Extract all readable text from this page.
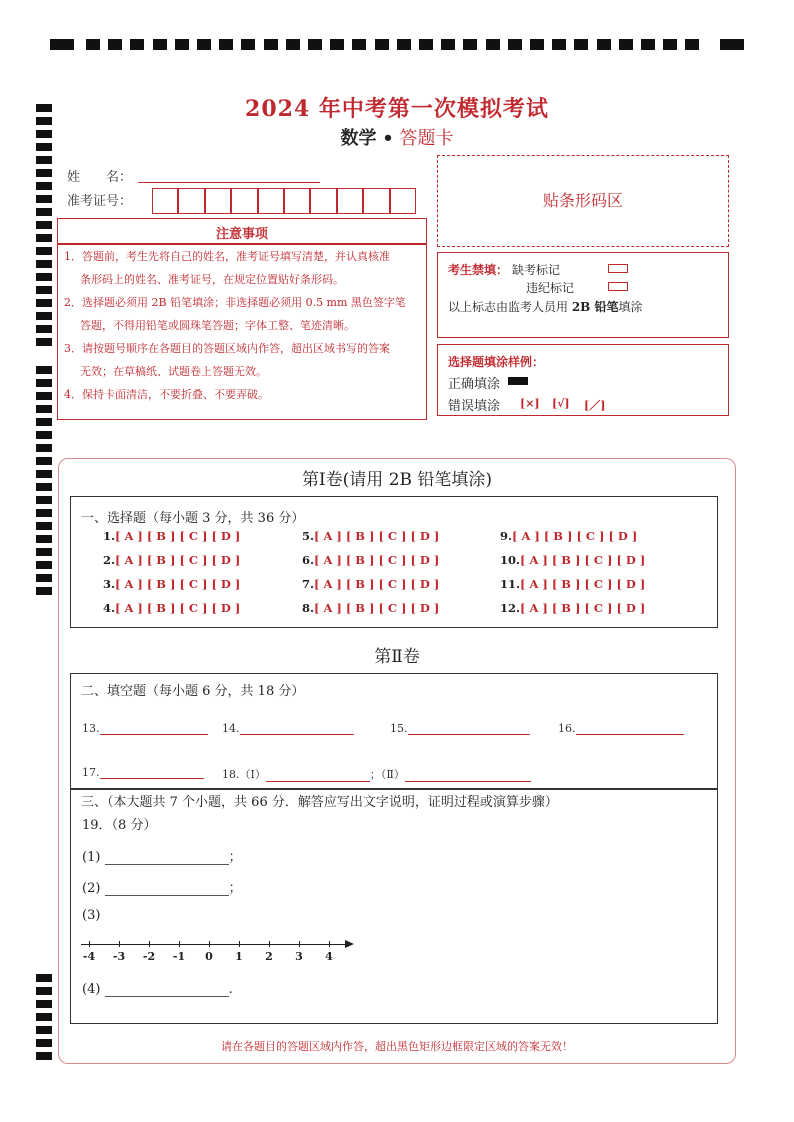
2024 年中考第一次模拟考试
数学 • 答题卡
姓　　名：
准考证号：	贴条形码区
注意事项
1．答题前，考生先将自己的姓名，准考证号填写清楚，并认真核准
条形码上的姓名、准考证号，在规定位置贴好条形码。
2．选择题必须用 2B 铅笔填涂；非选择题必须用 0.5 mm 黑色签字笔
答题，不得用铅笔或圆珠笔答题；字体工整、笔迹清晰。
3．请按题号顺序在各题目的答题区域内作答，超出区域书写的答案
无效；在草稿纸、试题卷上答题无效。
4．保持卡面清洁，不要折叠、不要弄破。
考生禁填： 缺考标记
违纪标记
以上标志由监考人员用 2B 铅笔填涂
选择题填涂样例：
正确填涂
错误填涂 [×] [√] [／]
第Ⅰ卷(请用 2B 铅笔填涂)
一、选择题（每小题 3 分，共 36 分）
1.[ A ] [ B ] [ C ] [ D ]
2.[ A ] [ B ] [ C ] [ D ]
3.[ A ] [ B ] [ C ] [ D ]
4.[ A ] [ B ] [ C ] [ D ]
5.[ A ] [ B ] [ C ] [ D ]
6.[ A ] [ B ] [ C ] [ D ]
7.[ A ] [ B ] [ C ] [ D ]
8.[ A ] [ B ] [ C ] [ D ]
9.[ A ] [ B ] [ C ] [ D ]
10.[ A ] [ B ] [ C ] [ D ]
11.[ A ] [ B ] [ C ] [ D ]
12.[ A ] [ B ] [ C ] [ D ]
第Ⅱ卷
二、填空题（每小题 6 分，共 18 分）
13.	14.	15.	16.
17.	18.（Ⅰ）	；（Ⅱ）
三、（本大题共 7 个小题，共 66 分．解答应写出文字说明，证明过程或演算步骤）
19．（8 分）
(1)	；
(2)	；
(3)
-4	-3	-2	-1	0	1	2	3	4
(4)	.
请在各题目的答题区域内作答，超出黑色矩形边框限定区域的答案无效！
